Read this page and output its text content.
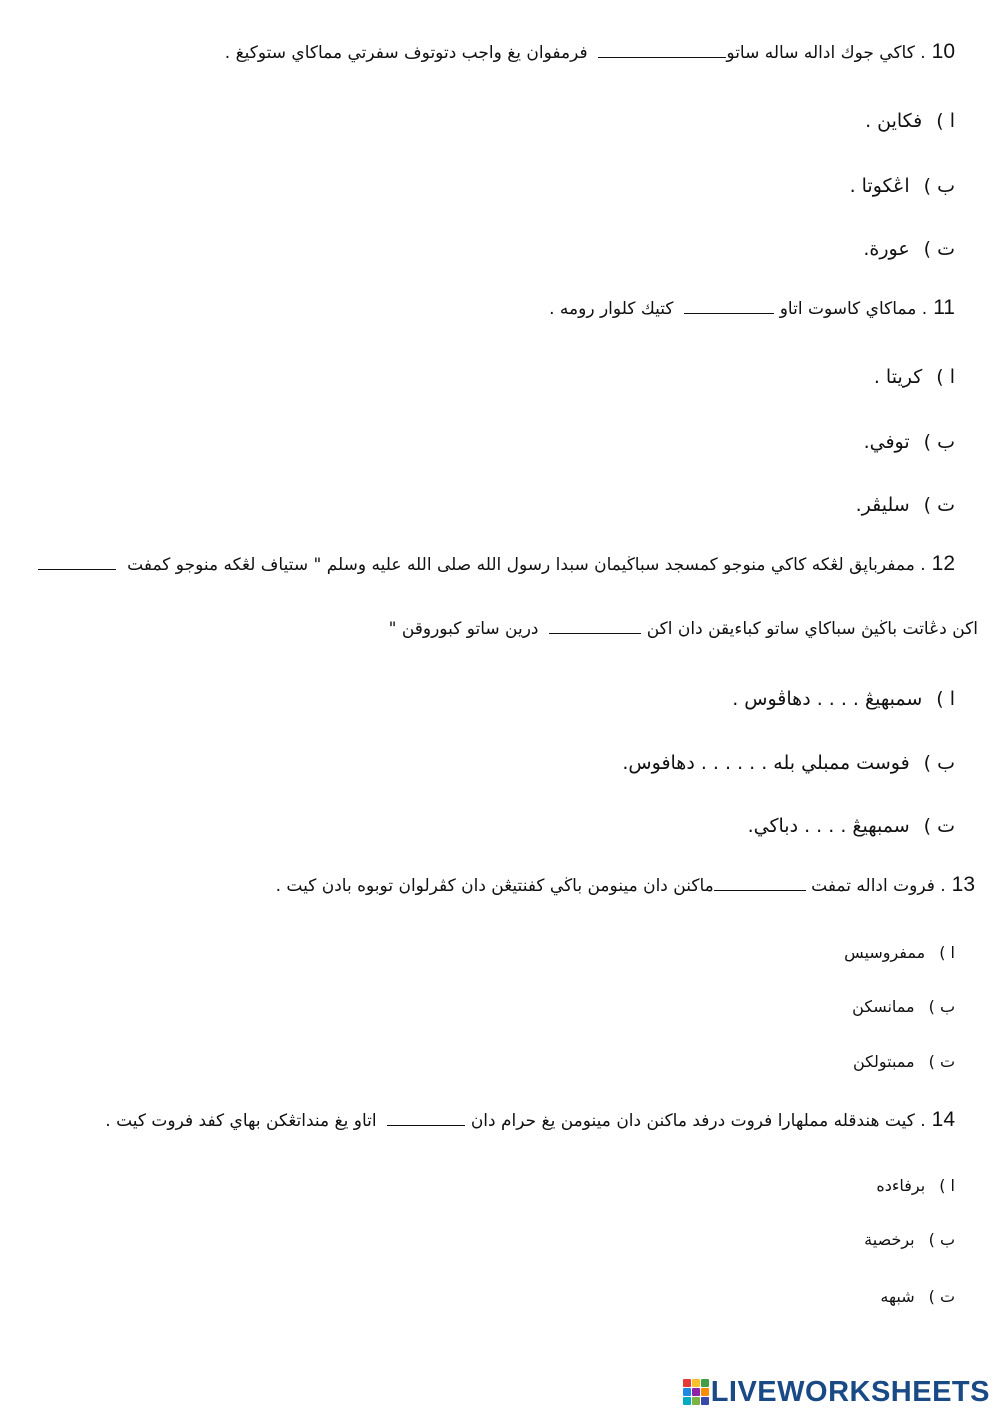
10. كاكي جوك اداله ساله ساتو  فرمفوان يغ واجب دتوتوف سفرتي مماكاي ستوكيغ .
ا )فكاين .
ب )اڠكوتا .
ت )عورة.
11. مماكاي كاسوت اتاو   كتيك كلوار رومه .
ا )كريتا .
ب )توفي.
ت )سليڤر.
12. ممفرباپق لڠكه كاكي منوجو كمسجد سباڬيمان سبدا رسول الله صلى الله عليه وسلم " ستياف لڠكه منوجو كمفت
اكن دڠاتت باڬيڽ سباكاي ساتو كباءيقن دان اكن   درين ساتو كبوروقن "
ا )سمبهيڠ . . . . دهاڤوس .
ب )فوست ممبلي بله . . . . . . دهافوس.
ت )سمبهيڠ . . . . دباكي.
13. فروت اداله تمفت ماكنن دان مينومن باڬي كفنتيڠن دان كڤرلوان توبوه بادن كيت .
ا )ممفروسيس
ب )ممانسكن
ت )ممبتولكن
14. كيت هندقله مملهارا فروت درفد ماكنن دان مينومن يغ حرام دان   اتاو يغ منداتڠكن بهاي كفد فروت كيت .
ا )برفاءده
ب )برخصية
ت )شبهه
LIVEWORKSHEETS
